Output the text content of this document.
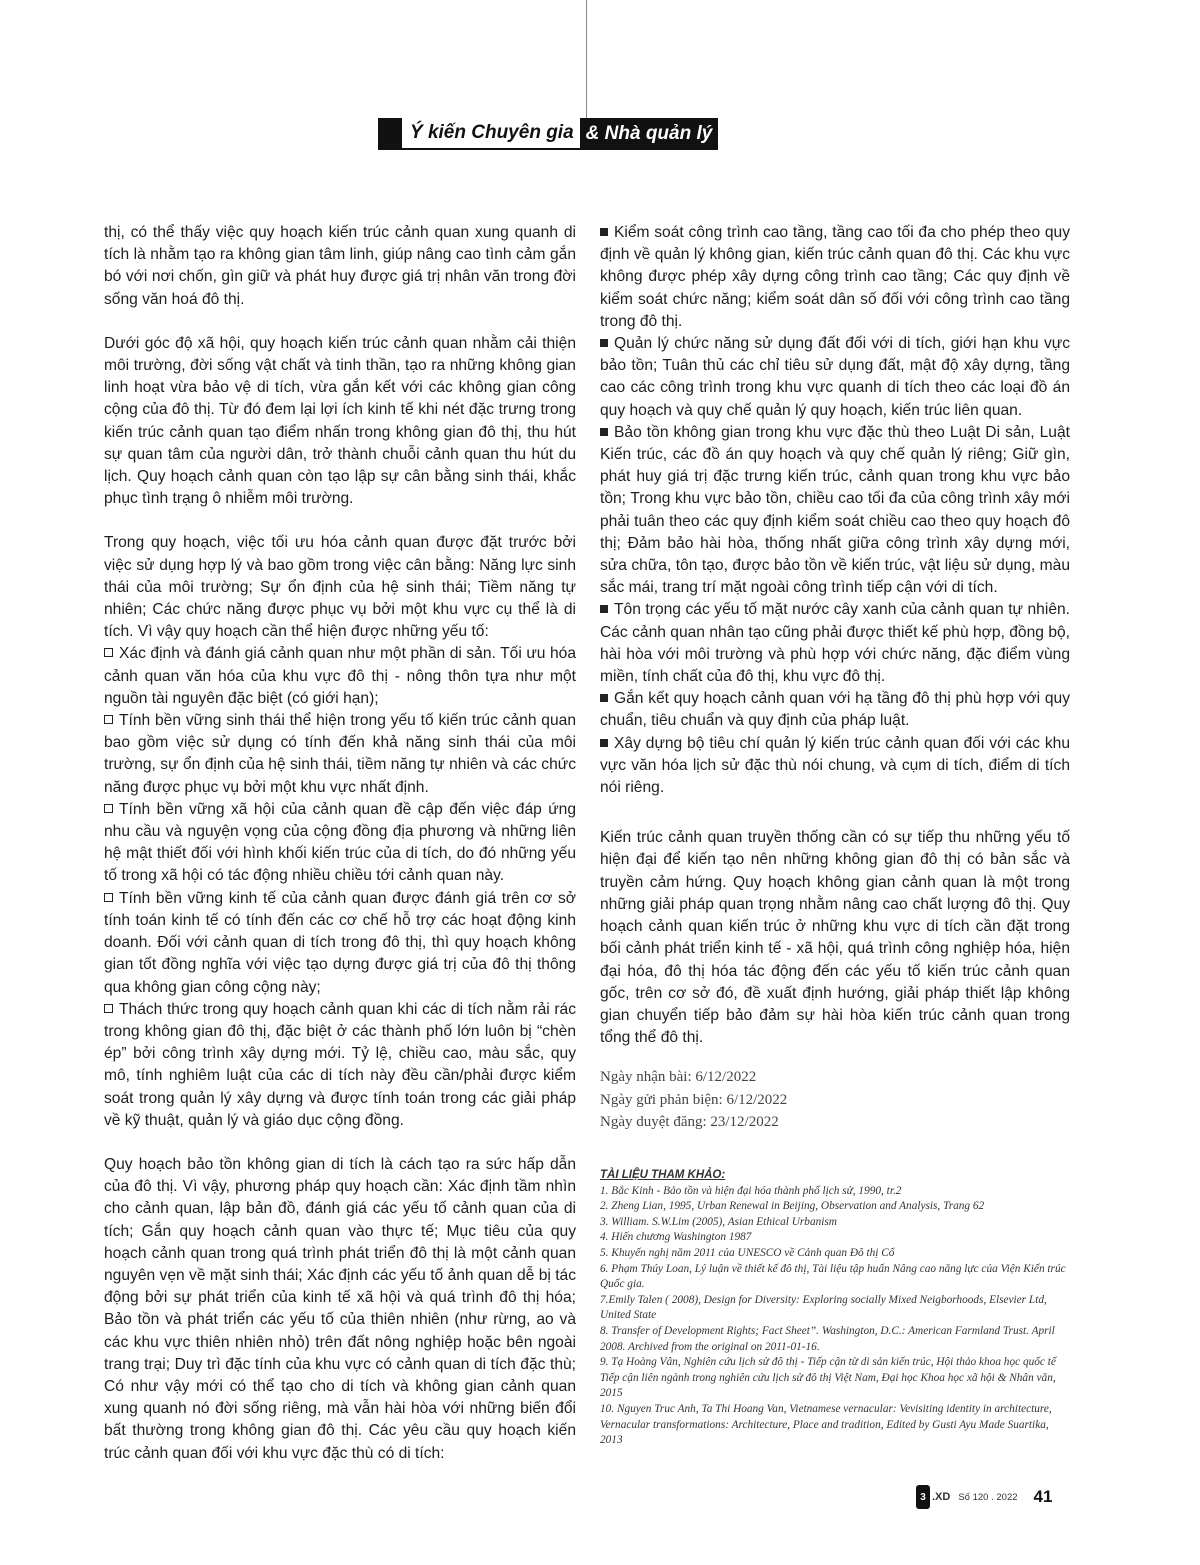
Ý kiến Chuyên gia & Nhà quản lý

thị, có thể thấy việc quy hoạch kiến trúc cảnh quan xung quanh di tích là nhằm tạo ra không gian tâm linh, giúp nâng cao tình cảm gắn bó với nơi chốn, gìn giữ và phát huy được giá trị nhân văn trong đời sống văn hoá đô thị.

Dưới góc độ xã hội, quy hoạch kiến trúc cảnh quan nhằm cải thiện môi trường, đời sống vật chất và tinh thần, tạo ra những không gian linh hoạt vừa bảo vệ di tích, vừa gắn kết với các không gian công cộng của đô thị. Từ đó đem lại lợi ích kinh tế khi nét đặc trưng trong kiến trúc cảnh quan tạo điểm nhấn trong không gian đô thị, thu hút sự quan tâm của người dân, trở thành chuỗi cảnh quan thu hút du lịch. Quy hoạch cảnh quan còn tạo lập sự cân bằng sinh thái, khắc phục tình trạng ô nhiễm môi trường.

Trong quy hoạch, việc tối ưu hóa cảnh quan được đặt trước bởi việc sử dụng hợp lý và bao gồm trong việc cân bằng: Năng lực sinh thái của môi trường; Sự ổn định của hệ sinh thái; Tiềm năng tự nhiên; Các chức năng được phục vụ bởi một khu vực cụ thể là di tích. Vì vậy quy hoạch cần thể hiện được những yếu tố:

Xác định và đánh giá cảnh quan như một phần di sản. Tối ưu hóa cảnh quan văn hóa của khu vực đô thị - nông thôn tựa như một nguồn tài nguyên đặc biệt (có giới hạn);

Tính bền vững sinh thái thể hiện trong yếu tố kiến trúc cảnh quan bao gồm việc sử dụng có tính đến khả năng sinh thái của môi trường, sự ổn định của hệ sinh thái, tiềm năng tự nhiên và các chức năng được phục vụ bởi một khu vực nhất định.

Tính bền vững xã hội của cảnh quan đề cập đến việc đáp ứng nhu cầu và nguyện vọng của cộng đồng địa phương và những liên hệ mật thiết đối với hình khối kiến trúc của di tích, do đó những yếu tố trong xã hội có tác động nhiều chiều tới cảnh quan này.

Tính bền vững kinh tế của cảnh quan được đánh giá trên cơ sở tính toán kinh tế có tính đến các cơ chế hỗ trợ các hoạt động kinh doanh. Đối với cảnh quan di tích trong đô thị, thì quy hoạch không gian tốt đồng nghĩa với việc tạo dựng được giá trị của đô thị thông qua không gian công cộng này;

Thách thức trong quy hoạch cảnh quan khi các di tích nằm rải rác trong không gian đô thị, đặc biệt ở các thành phố lớn luôn bị “chèn ép” bởi công trình xây dựng mới. Tỷ lệ, chiều cao, màu sắc, quy mô, tính nghiêm luật của các di tích này đều cần/phải được kiểm soát trong quản lý xây dựng và được tính toán trong các giải pháp về kỹ thuật, quản lý và giáo dục cộng đồng.

Quy hoạch bảo tồn không gian di tích là cách tạo ra sức hấp dẫn của đô thị. Vì vậy, phương pháp quy hoạch cần: Xác định tầm nhìn cho cảnh quan, lập bản đồ, đánh giá các yếu tố cảnh quan của di tích; Gắn quy hoạch cảnh quan vào thực tế; Mục tiêu của quy hoạch cảnh quan trong quá trình phát triển đô thị là một cảnh quan nguyên vẹn về mặt sinh thái; Xác định các yếu tố ảnh quan dễ bị tác động bởi sự phát triển của kinh tế xã hội và quá trình đô thị hóa; Bảo tồn và phát triển các yếu tố của thiên nhiên (như rừng, ao và các khu vực thiên nhiên nhỏ) trên đất nông nghiệp hoặc bên ngoài trang trại; Duy trì đặc tính của khu vực có cảnh quan di tích đặc thù; Có như vậy mới có thể tạo cho di tích và không gian cảnh quan xung quanh nó đời sống riêng, mà vẫn hài hòa với những biến đổi bất thường trong không gian đô thị. Các yêu cầu quy hoạch kiến trúc cảnh quan đối với khu vực đặc thù có di tích:

Kiểm soát công trình cao tầng, tầng cao tối đa cho phép theo quy định về quản lý không gian, kiến trúc cảnh quan đô thị. Các khu vực không được phép xây dựng công trình cao tầng; Các quy định về kiểm soát chức năng; kiểm soát dân số đối với công trình cao tầng trong đô thị.

Quản lý chức năng sử dụng đất đối với di tích, giới hạn khu vực bảo tồn; Tuân thủ các chỉ tiêu sử dụng đất, mật độ xây dựng, tầng cao các công trình trong khu vực quanh di tích theo các loại đồ án quy hoạch và quy chế quản lý quy hoạch, kiến trúc liên quan.

Bảo tồn không gian trong khu vực đặc thù theo Luật Di sản, Luật Kiến trúc, các đồ án quy hoạch và quy chế quản lý riêng; Giữ gìn, phát huy giá trị đặc trưng kiến trúc, cảnh quan trong khu vực bảo tồn; Trong khu vực bảo tồn, chiều cao tối đa của công trình xây mới phải tuân theo các quy định kiểm soát chiều cao theo quy hoạch đô thị; Đảm bảo hài hòa, thống nhất giữa công trình xây dựng mới, sửa chữa, tôn tạo, được bảo tồn về kiến trúc, vật liệu sử dụng, màu sắc mái, trang trí mặt ngoài công trình tiếp cận với di tích.

Tôn trọng các yếu tố mặt nước cây xanh của cảnh quan tự nhiên. Các cảnh quan nhân tạo cũng phải được thiết kế phù hợp, đồng bộ, hài hòa với môi trường và phù hợp với chức năng, đặc điểm vùng miền, tính chất của đô thị, khu vực đô thị.

Gắn kết quy hoạch cảnh quan với hạ tầng đô thị phù hợp với quy chuẩn, tiêu chuẩn và quy định của pháp luật.

Xây dựng bộ tiêu chí quản lý kiến trúc cảnh quan đối với các khu vực văn hóa lịch sử đặc thù nói chung, và cụm di tích, điểm di tích nói riêng.

Kiến trúc cảnh quan truyền thống cần có sự tiếp thu những yếu tố hiện đại để kiến tạo nên những không gian đô thị có bản sắc và truyền cảm hứng. Quy hoạch không gian cảnh quan là một trong những giải pháp quan trọng nhằm nâng cao chất lượng đô thị. Quy hoạch cảnh quan kiến trúc ở những khu vực di tích cần đặt trong bối cảnh phát triển kinh tế - xã hội, quá trình công nghiệp hóa, hiện đại hóa, đô thị hóa tác động đến các yếu tố kiến trúc cảnh quan gốc, trên cơ sở đó, đề xuất định hướng, giải pháp thiết lập không gian chuyển tiếp bảo đảm sự hài hòa kiến trúc cảnh quan trong tổng thể đô thị.

Ngày nhận bài: 6/12/2022

Ngày gửi phản biện: 6/12/2022

Ngày duyệt đăng: 23/12/2022

TÀI LIỆU THAM KHẢO:

1. Bắc Kinh - Bảo tồn và hiện đại hóa thành phố lịch sử, 1990, tr.2

2. Zheng Lian, 1995, Urban Renewal in Beijing, Observation and Analysis, Trang 62

3. William. S.W.Lim (2005), Asian Ethical Urbanism

4. Hiến chương Washington 1987

5. Khuyến nghị năm 2011 của UNESCO về Cảnh quan Đô thị Cổ

6. Phạm Thúy Loan, Lý luận về thiết kế đô thị, Tài liệu tập huấn Nâng cao năng lực của Viện Kiến trúc Quốc gia.

7.Emily Talen ( 2008), Design for Diversity: Exploring socially Mixed Neigborhoods, Elsevier Ltd, United State

8. Transfer of Development Rights; Fact Sheet”. Washington, D.C.: American Farmland Trust. April 2008. Archived from the original on 2011-01-16.

9. Tạ Hoàng Vân, Nghiên cứu lịch sử đô thị - Tiếp cận từ di sản kiến trúc, Hội thảo khoa học quốc tế Tiếp cận liên ngành trong nghiên cứu lịch sử đô thị Việt Nam, Đại học Khoa học xã hội & Nhân văn, 2015

10. Nguyen Truc Anh, Ta Thi Hoang Van, Vietnamese vernacular: Vevisiting identity in architecture, Vernacular transformations: Architecture, Place and tradition, Edited by Gusti Ayu Made Suartika, 2013

3 .XD Số 120 . 2022 41
